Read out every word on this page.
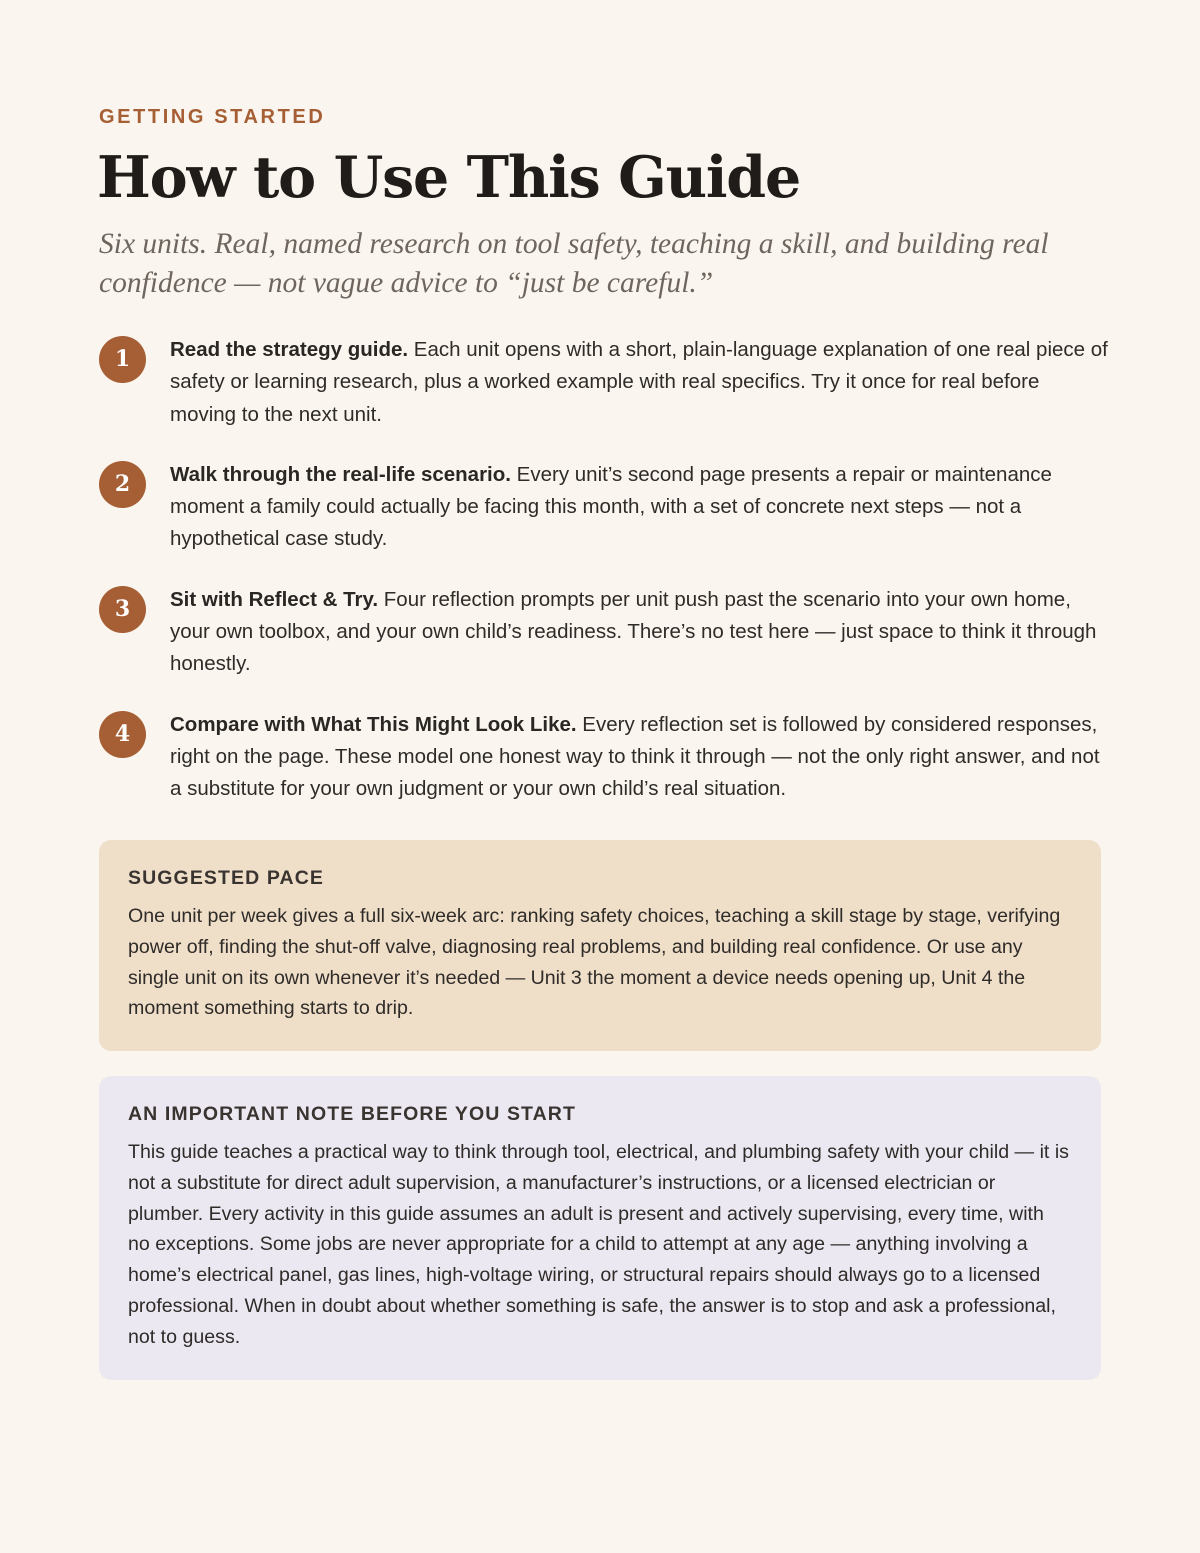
GETTING STARTED

How to Use This Guide

Six units. Real, named research on tool safety, teaching a skill, and building real confidence — not vague advice to “just be careful.”

1	Read the strategy guide. Each unit opens with a short, plain-language explanation of one real piece of safety or learning research, plus a worked example with real specifics. Try it once for real before moving to the next unit.
2	Walk through the real-life scenario. Every unit’s second page presents a repair or maintenance moment a family could actually be facing this month, with a set of concrete next steps — not a hypothetical case study.
3	Sit with Reflect & Try. Four reflection prompts per unit push past the scenario into your own home, your own toolbox, and your own child’s readiness. There’s no test here — just space to think it through honestly.
4	Compare with What This Might Look Like. Every reflection set is followed by considered responses, right on the page. These model one honest way to think it through — not the only right answer, and not a substitute for your own judgment or your own child’s real situation.
SUGGESTED PACE

One unit per week gives a full six-week arc: ranking safety choices, teaching a skill stage by stage, verifying power off, finding the shut-off valve, diagnosing real problems, and building real confidence. Or use any single unit on its own whenever it’s needed — Unit 3 the moment a device needs opening up, Unit 4 the moment something starts to drip.

AN IMPORTANT NOTE BEFORE YOU START

This guide teaches a practical way to think through tool, electrical, and plumbing safety with your child — it is not a substitute for direct adult supervision, a manufacturer’s instructions, or a licensed electrician or plumber. Every activity in this guide assumes an adult is present and actively supervising, every time, with no exceptions. Some jobs are never appropriate for a child to attempt at any age — anything involving a home’s electrical panel, gas lines, high-voltage wiring, or structural repairs should always go to a licensed professional. When in doubt about whether something is safe, the answer is to stop and ask a professional, not to guess.
